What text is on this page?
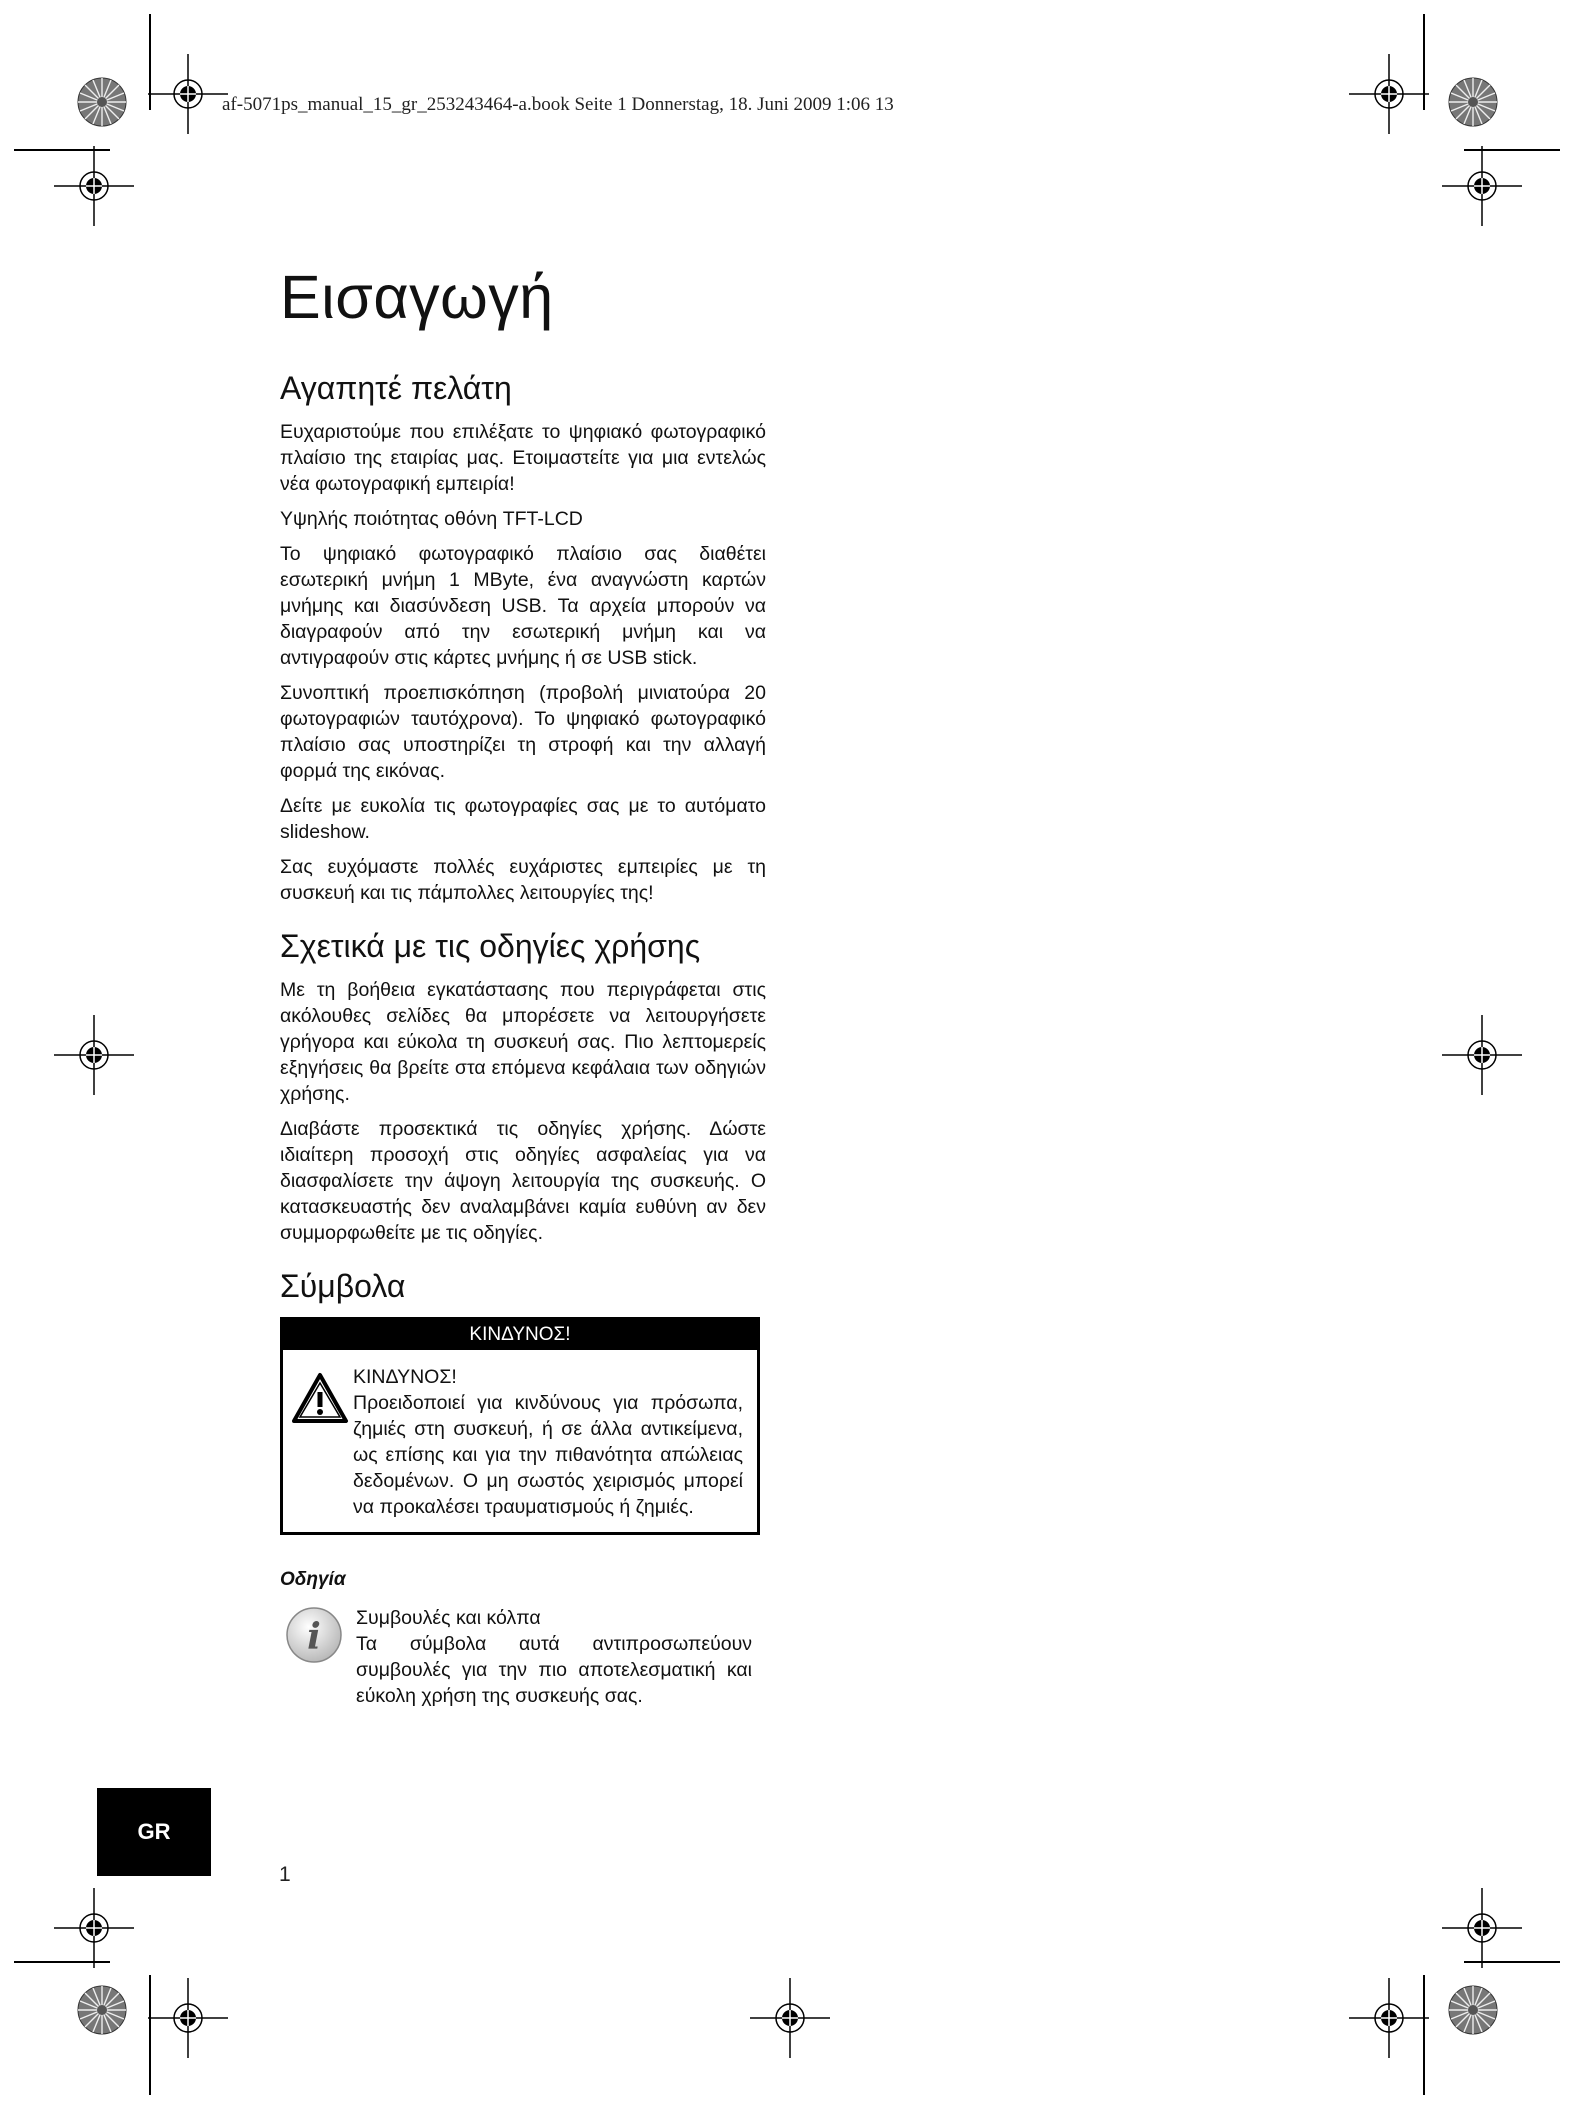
af-5071ps_manual_15_gr_253243464-a.book Seite 1 Donnerstag, 18. Juni 2009 1:06 13
Εισαγωγή
Αγαπητέ πελάτη

Ευχαριστούμε που επιλέξατε το ψηφιακό φωτογραφικό πλαίσιο της εταιρίας μας. Ετοιμαστείτε για μια εντελώς νέα φωτογραφική εμπειρία!

Υψηλής ποιότητας οθόνη TFT-LCD

Το ψηφιακό φωτογραφικό πλαίσιο σας διαθέτει εσωτερική μνήμη 1 MByte, ένα αναγνώστη καρτών μνήμης και διασύνδεση USB. Τα αρχεία μπορούν να διαγραφούν από την εσωτερική μνήμη και να αντιγραφούν στις κάρτες μνήμης ή σε USB stick.

Συνοπτική προεπισκόπηση (προβολή μινιατούρα 20 φωτογραφιών ταυτόχρονα). Το ψηφιακό φωτογραφικό πλαίσιο σας υποστηρίζει τη στροφή και την αλλαγή φορμά της εικόνας.

Δείτε με ευκολία τις φωτογραφίες σας με το αυτόματο slideshow.

Σας ευχόμαστε πολλές ευχάριστες εμπειρίες με τη συσκευή και τις πάμπολλες λειτουργίες της!

Σχετικά με τις οδηγίες χρήσης

Με τη βοήθεια εγκατάστασης που περιγράφεται στις ακόλουθες σελίδες θα μπορέσετε να λειτουργήσετε γρήγορα και εύκολα τη συσκευή σας. Πιο λεπτομερείς εξηγήσεις θα βρείτε στα επόμενα κεφάλαια των οδηγιών χρήσης.

Διαβάστε προσεκτικά τις οδηγίες χρήσης. Δώστε ιδιαίτερη προσοχή στις οδηγίες ασφαλείας για να διασφαλίσετε την άψογη λειτουργία της συσκευής. Ο κατασκευαστής δεν αναλαμβάνει καμία ευθύνη αν δεν συμμορφωθείτε με τις οδηγίες.

Σύμβολα
ΚΙΝΔΥΝΟΣ!

ΚΙΝΔΥΝΟΣ!

Προειδοποιεί για κινδύνους για πρόσωπα, ζημιές στη συσκευή, ή σε άλλα αντικείμενα, ως επίσης και για την πιθανότητα απώλειας δεδομένων. Ο μη σωστός χειρισμός μπορεί να προκαλέσει τραυματισμούς ή ζημιές.

Οδηγία
i Συμβουλές και κόλπα

Τα σύμβολα αυτά αντιπροσωπεύουν συμβουλές για την πιο αποτελεσματική και εύκολη χρήση της συσκευής σας.

GR
1
